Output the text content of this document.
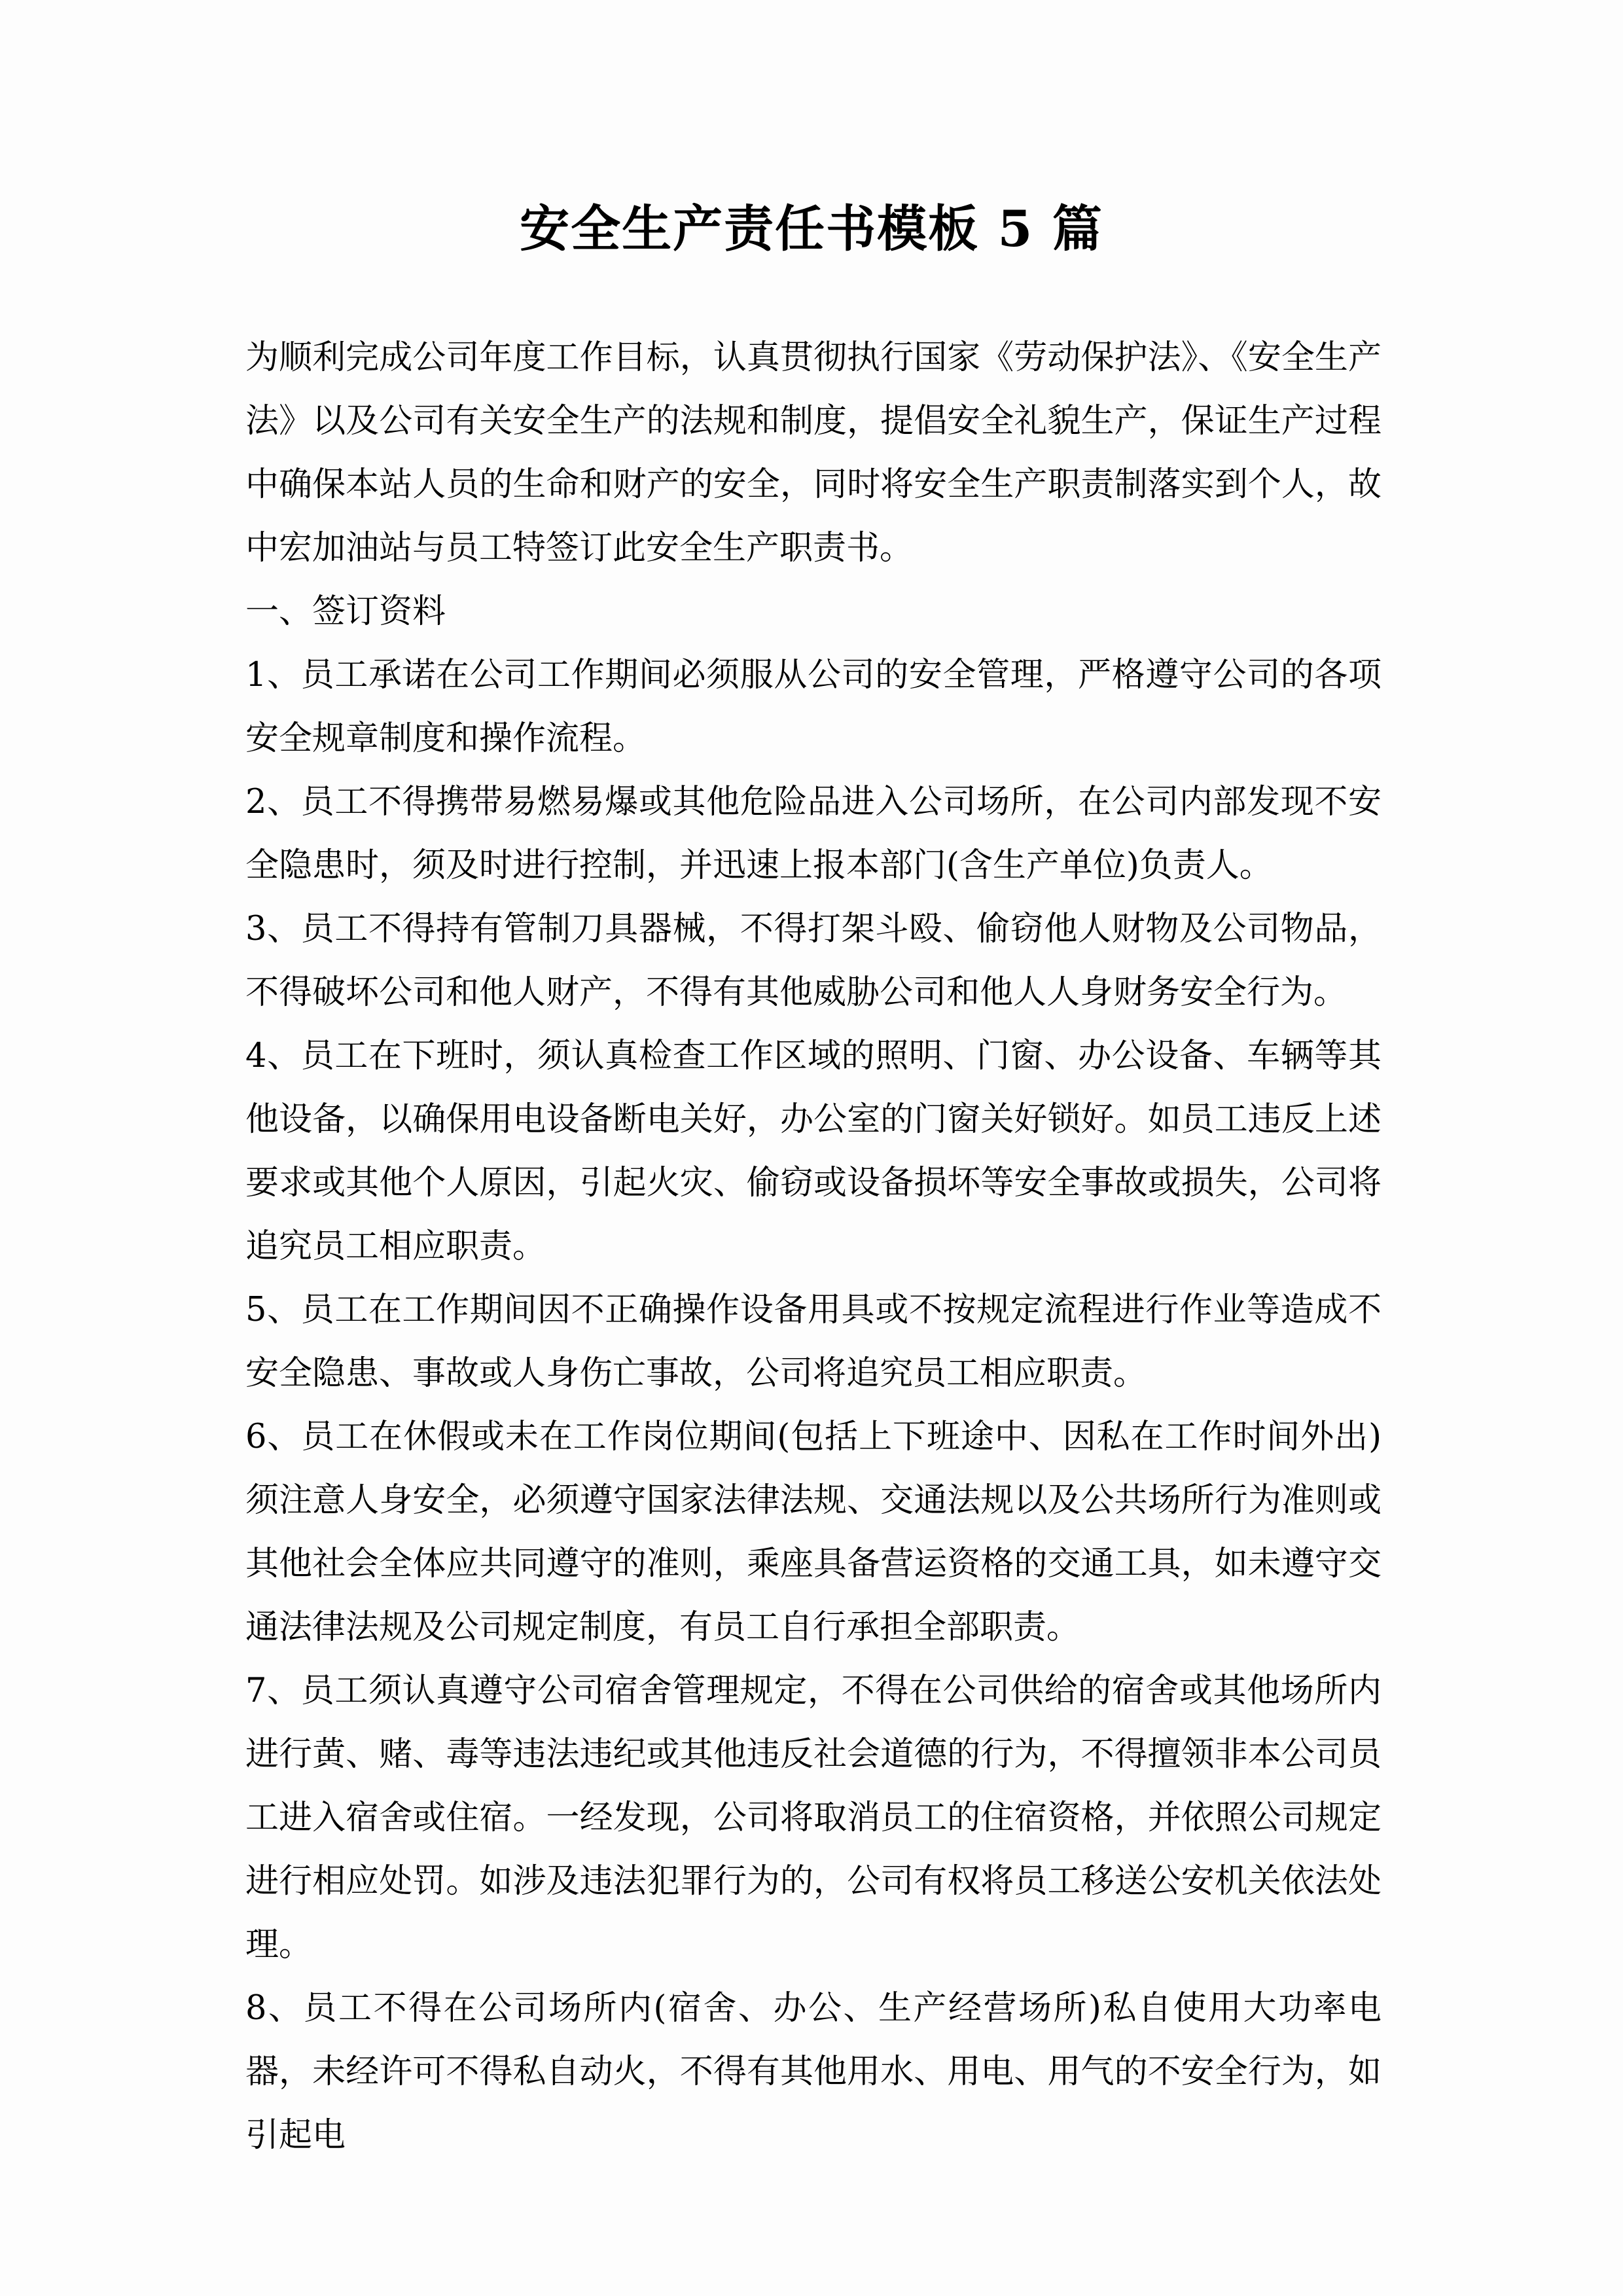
安全生产责任书模板 5 篇

为顺利完成公司年度工作目标，认真贯彻执行国家《劳动保护法》、《安全生产法》以及公司有关安全生产的法规和制度，提倡安全礼貌生产，保证生产过程中确保本站人员的生命和财产的安全，同时将安全生产职责制落实到个人，故中宏加油站与员工特签订此安全生产职责书。

一、签订资料

1、员工承诺在公司工作期间必须服从公司的安全管理，严格遵守公司的各项安全规章制度和操作流程。

2、员工不得携带易燃易爆或其他危险品进入公司场所，在公司内部发现不安全隐患时，须及时进行控制，并迅速上报本部门(含生产单位)负责人。

3、员工不得持有管制刀具器械，不得打架斗殴、偷窃他人财物及公司物品，不得破坏公司和他人财产，不得有其他威胁公司和他人人身财务安全行为。

4、员工在下班时，须认真检查工作区域的照明、门窗、办公设备、车辆等其他设备，以确保用电设备断电关好，办公室的门窗关好锁好。如员工违反上述要求或其他个人原因，引起火灾、偷窃或设备损坏等安全事故或损失，公司将追究员工相应职责。

5、员工在工作期间因不正确操作设备用具或不按规定流程进行作业等造成不安全隐患、事故或人身伤亡事故，公司将追究员工相应职责。

6、员工在休假或未在工作岗位期间(包括上下班途中、因私在工作时间外出)须注意人身安全，必须遵守国家法律法规、交通法规以及公共场所行为准则或其他社会全体应共同遵守的准则，乘座具备营运资格的交通工具，如未遵守交通法律法规及公司规定制度，有员工自行承担全部职责。

7、员工须认真遵守公司宿舍管理规定，不得在公司供给的宿舍或其他场所内进行黄、赌、毒等违法违纪或其他违反社会道德的行为，不得擅领非本公司员工进入宿舍或住宿。一经发现，公司将取消员工的住宿资格，并依照公司规定进行相应处罚。如涉及违法犯罪行为的，公司有权将员工移送公安机关依法处理。

8、员工不得在公司场所内(宿舍、办公、生产经营场所)私自使用大功率电器，未经许可不得私自动火，不得有其他用水、用电、用气的不安全行为，如引起电
